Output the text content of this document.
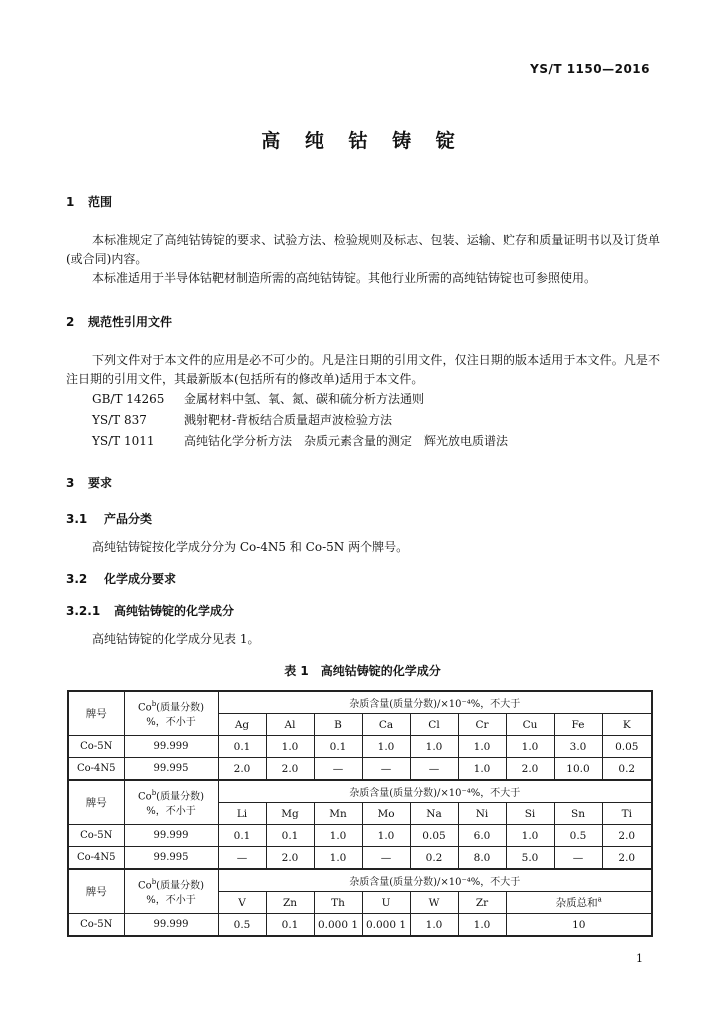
YS/T 1150—2016
高 纯 钴 铸 锭
1 范围
本标准规定了高纯钴铸锭的要求、试验方法、检验规则及标志、包装、运输、贮存和质量证明书以及订货单(或合同)内容。
本标准适用于半导体钴靶材制造所需的高纯钴铸锭。其他行业所需的高纯钴铸锭也可参照使用。
2 规范性引用文件
下列文件对于本文件的应用是必不可少的。凡是注日期的引用文件，仅注日期的版本适用于本文件。凡是不注日期的引用文件，其最新版本(包括所有的修改单)适用于本文件。
GB/T 14265 金属材料中氢、氧、氮、碳和硫分析方法通则
YS/T 837	溅射靶材-背板结合质量超声波检验方法
YS/T 1011 高纯钴化学分析方法　杂质元素含量的测定　辉光放电质谱法
3 要求
3.1 产品分类
高纯钴铸锭按化学成分分为 Co-4N5 和 Co-5N 两个牌号。
3.2 化学成分要求
3.2.1 高纯钴铸锭的化学成分
高纯钴铸锭的化学成分见表 1。
表 1　高纯钴铸锭的化学成分
牌号	Co$^b$(质量分数)
%，不小于	杂质含量(质量分数)/×10⁻⁴%，不大于								
		Ag	Al	B	Ca	Cl	Cr	Cu	Fe	K
Co-5N	99.999	0.1	1.0	0.1	1.0	1.0	1.0	1.0	3.0	0.05
Co-4N5	99.995	2.0	2.0	—	—	—	1.0	2.0	10.0	0.2
牌号	Co$^b$(质量分数)
%，不小于	杂质含量(质量分数)/×10⁻⁴%，不大于								
		Li	Mg	Mn	Mo	Na	Ni	Si	Sn	Ti
Co-5N	99.999	0.1	0.1	1.0	1.0	0.05	6.0	1.0	0.5	2.0
Co-4N5	99.995	—	2.0	1.0	—	0.2	8.0	5.0	—	2.0
牌号	Co$^b$(质量分数)
%，不小于	杂质含量(质量分数)/×10⁻⁴%，不大于								
		V	Zn	Th	U	W	Zr	杂质总和$^a$
Co-5N	99.999	0.5	0.1	0.000 1	0.000 1	1.0	1.0	10		
1
